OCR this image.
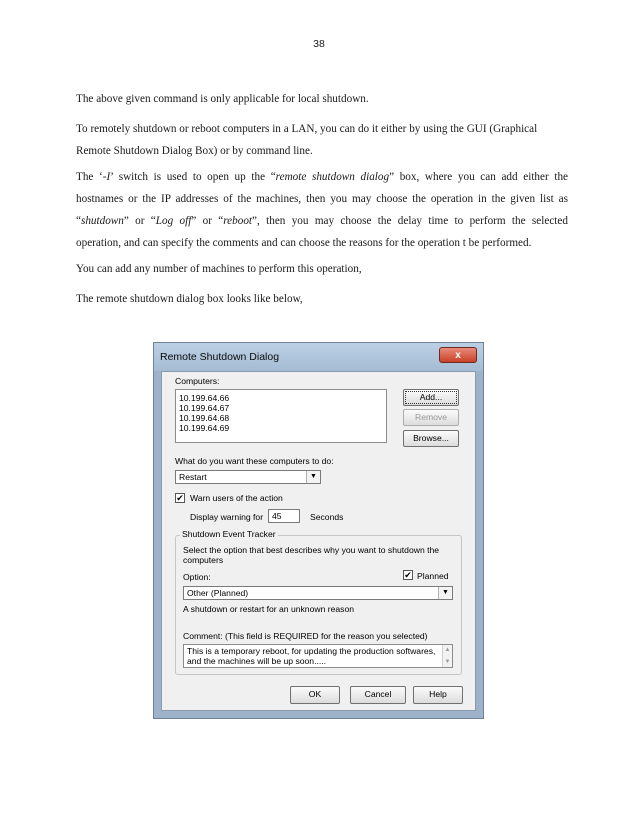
38
The above given command is only applicable for local shutdown.
To remotely shutdown or reboot computers in a LAN, you can do it either by using the GUI (Graphical
Remote Shutdown Dialog Box) or by command line.
The ‘-I’ switch is used to open up the “remote shutdown dialog” box, where you can add either the
hostnames or the IP addresses of the machines, then you may choose the operation in the given list as
“shutdown” or “Log off” or “reboot”, then you may choose the delay time to perform the selected
operation, and can specify the comments and can choose the reasons for the operation t be performed.
You can add any number of machines to perform this operation,
The remote shutdown dialog box looks like below,
Remote Shutdown Dialog	x
Computers:
10.199.64.66
10.199.64.67
10.199.64.68
10.199.64.69
Add...
Remove
Browse...
What do you want these computers to do:
Restart	▼
✔ Warn users of the action
Display warning for	45	Seconds
Shutdown Event Tracker
Select the option that best describes why you want to shutdown the
computers
Option:	✔ Planned
Other (Planned)	▼
A shutdown or restart for an unknown reason
Comment: (This field is REQUIRED for the reason you selected)
This is a temporary reboot, for updating the production softwares,
and the machines will be up soon.....
▲
▼
OK	Cancel	Help
